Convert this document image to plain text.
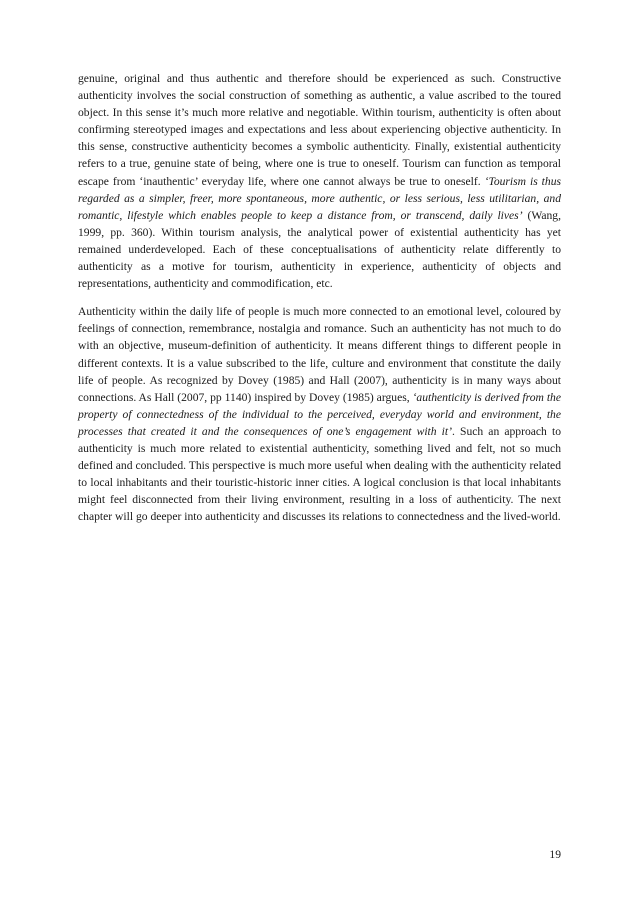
genuine, original and thus authentic and therefore should be experienced as such. Constructive authenticity involves the social construction of something as authentic, a value ascribed to the toured object. In this sense it’s much more relative and negotiable. Within tourism, authenticity is often about confirming stereotyped images and expectations and less about experiencing objective authenticity. In this sense, constructive authenticity becomes a symbolic authenticity. Finally, existential authenticity refers to a true, genuine state of being, where one is true to oneself. Tourism can function as temporal escape from ‘inauthentic’ everyday life, where one cannot always be true to oneself. ‘Tourism is thus regarded as a simpler, freer, more spontaneous, more authentic, or less serious, less utilitarian, and romantic, lifestyle which enables people to keep a distance from, or transcend, daily lives’ (Wang, 1999, pp. 360). Within tourism analysis, the analytical power of existential authenticity has yet remained underdeveloped. Each of these conceptualisations of authenticity relate differently to authenticity as a motive for tourism, authenticity in experience, authenticity of objects and representations, authenticity and commodification, etc.

Authenticity within the daily life of people is much more connected to an emotional level, coloured by feelings of connection, remembrance, nostalgia and romance. Such an authenticity has not much to do with an objective, museum-definition of authenticity. It means different things to different people in different contexts. It is a value subscribed to the life, culture and environment that constitute the daily life of people. As recognized by Dovey (1985) and Hall (2007), authenticity is in many ways about connections. As Hall (2007, pp 1140) inspired by Dovey (1985) argues, ‘authenticity is derived from the property of connectedness of the individual to the perceived, everyday world and environment, the processes that created it and the consequences of one’s engagement with it’. Such an approach to authenticity is much more related to existential authenticity, something lived and felt, not so much defined and concluded. This perspective is much more useful when dealing with the authenticity related to local inhabitants and their touristic-historic inner cities. A logical conclusion is that local inhabitants might feel disconnected from their living environment, resulting in a loss of authenticity. The next chapter will go deeper into authenticity and discusses its relations to connectedness and the lived-world.

19
